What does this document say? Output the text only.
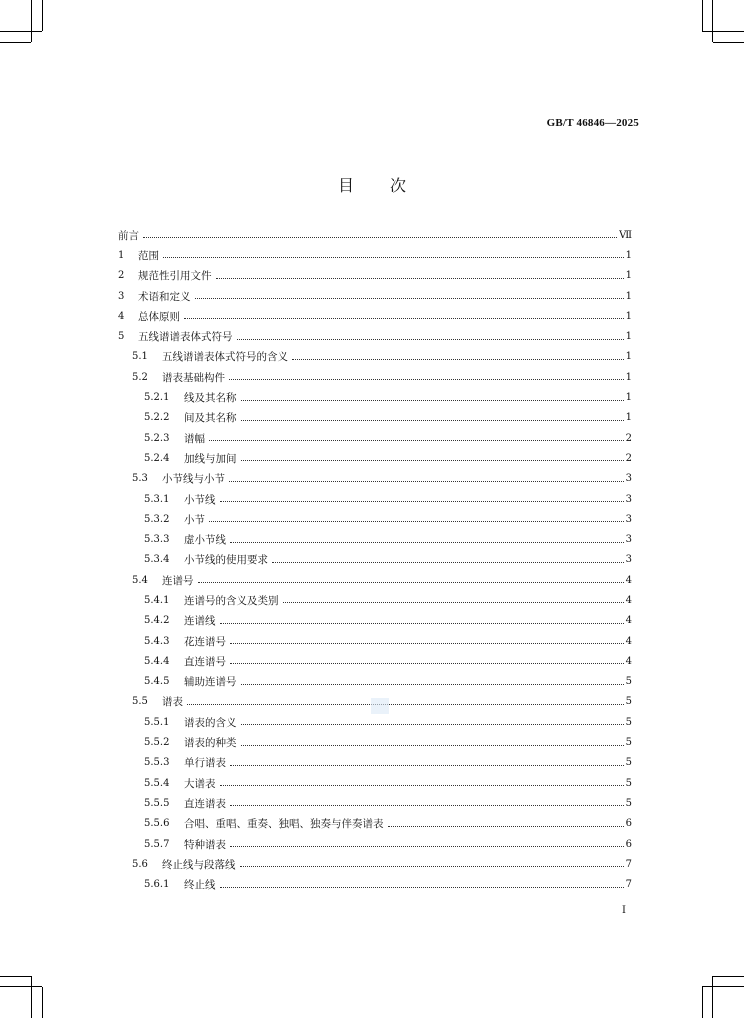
GB/T 46846—2025
目 次
前言	Ⅶ
1	范围	1
2	规范性引用文件	1
3	术语和定义	1
4	总体原则	1
5	五线谱谱表体式符号	1
5.1	五线谱谱表体式符号的含义	1
5.2	谱表基础构件	1
5.2.1	线及其名称	1
5.2.2	间及其名称	1
5.2.3	谱幅	2
5.2.4	加线与加间	2
5.3	小节线与小节	3
5.3.1	小节线	3
5.3.2	小节	3
5.3.3	虚小节线	3
5.3.4	小节线的使用要求	3
5.4	连谱号	4
5.4.1	连谱号的含义及类别	4
5.4.2	连谱线	4
5.4.3	花连谱号	4
5.4.4	直连谱号	4
5.4.5	辅助连谱号	5
5.5	谱表	5
5.5.1	谱表的含义	5
5.5.2	谱表的种类	5
5.5.3	单行谱表	5
5.5.4	大谱表	5
5.5.5	直连谱表	5
5.5.6	合唱、重唱、重奏、独唱、独奏与伴奏谱表	6
5.5.7	特种谱表	6
5.6	终止线与段落线	7
5.6.1	终止线	7
I
